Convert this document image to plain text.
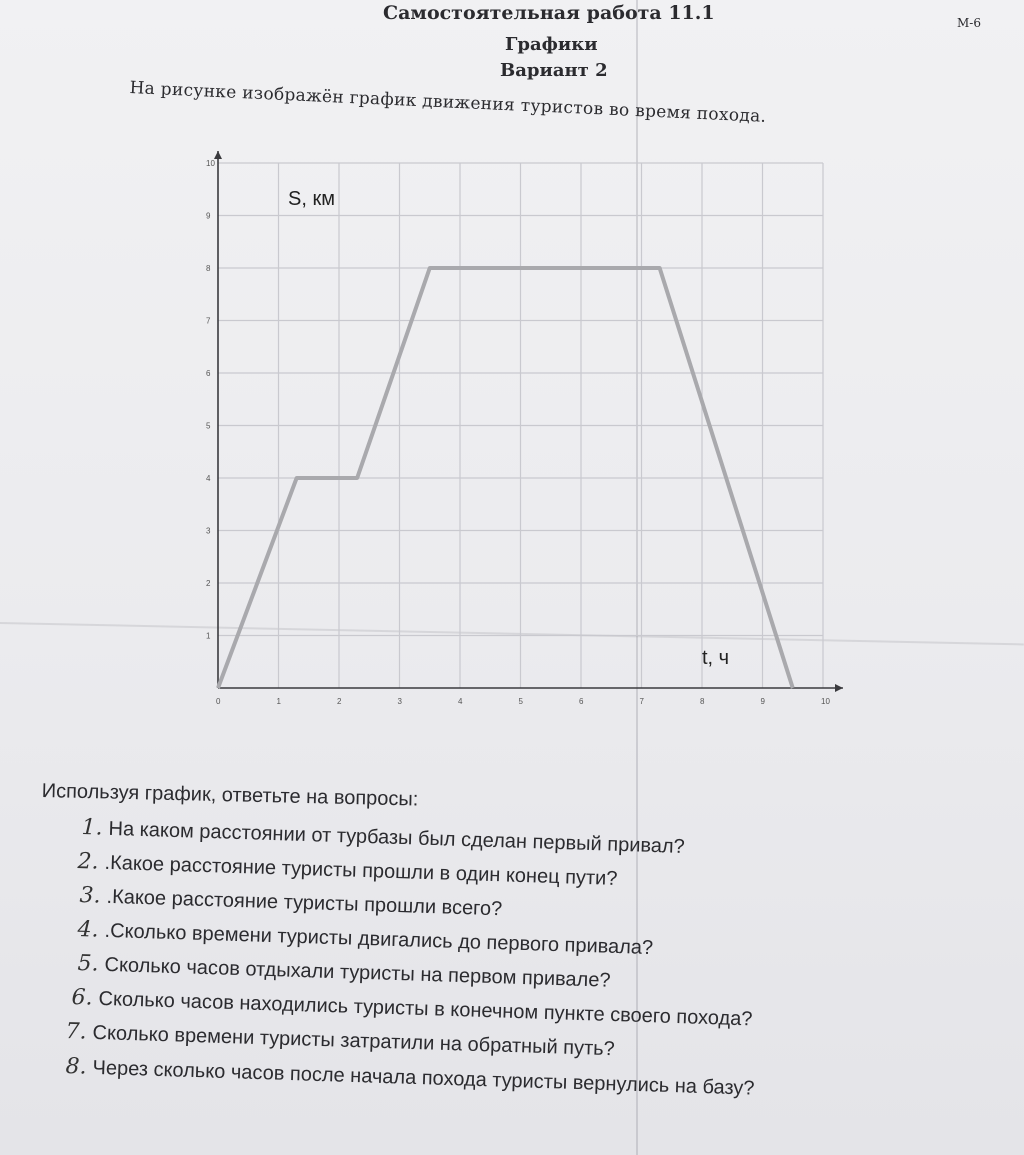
Самостоятельная работа 11.1
Графики
Вариант 2
М-6
На рисунке изображён график движения туристов во время похода.
0	1	2	3	4	5	6	7	8	9	10
1
2
3
4
5
6
7
8
9
10
S, км
t, ч
Используя график, ответьте на вопросы:
1. На каком расстоянии от турбазы был сделан первый привал?
2. .Какое расстояние туристы прошли в один конец пути?
3. .Какое расстояние туристы прошли всего?
4. .Сколько времени туристы двигались до первого привала?
5. Сколько часов отдыхали туристы на первом привале?
6. Сколько часов находились туристы в конечном пункте своего похода?
7. Сколько времени туристы затратили на обратный путь?
8. Через сколько часов после начала похода туристы вернулись на базу?
